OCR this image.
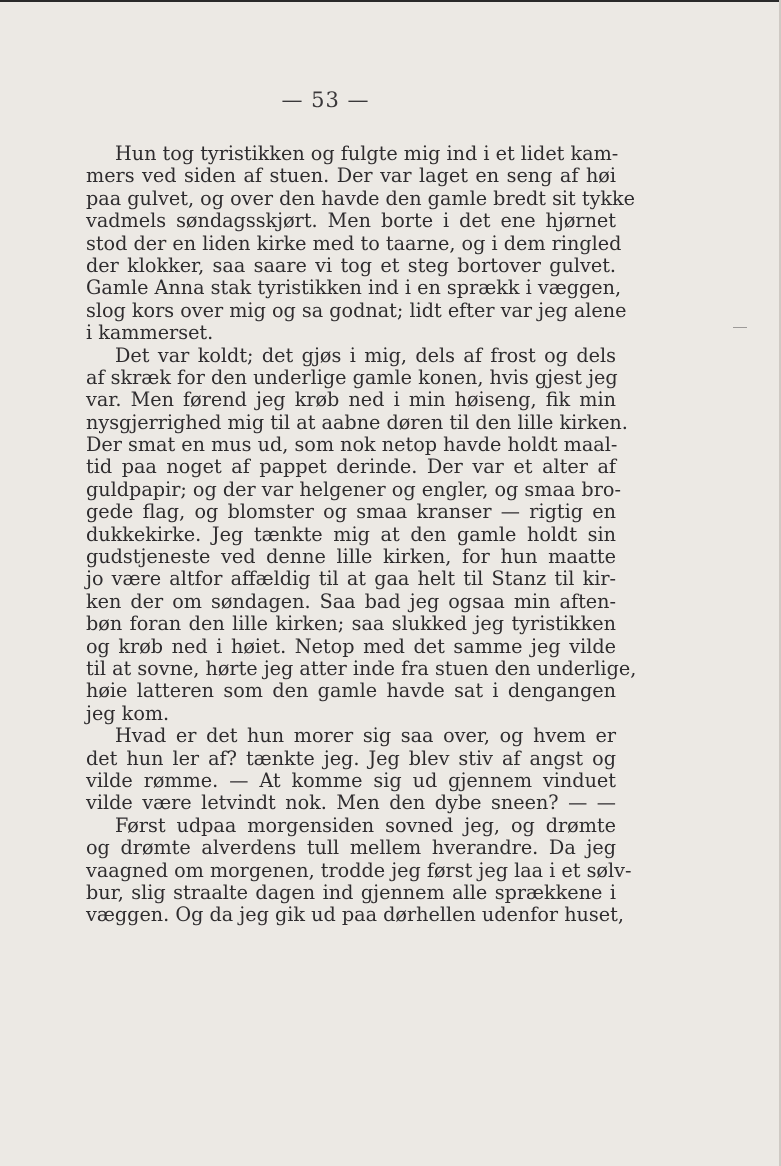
— 53 —
Hun tog tyristikken og fulgte mig ind i et lidet kam-
mers ved siden af stuen. Der var laget en seng af høi
paa gulvet, og over den havde den gamle bredt sit tykke
vadmels søndagsskjørt. Men borte i det ene hjørnet
stod der en liden kirke med to taarne, og i dem ringled
der klokker, saa saare vi tog et steg bortover gulvet.
Gamle Anna stak tyristikken ind i en sprækk i væggen,
slog kors over mig og sa godnat; lidt efter var jeg alene
i kammerset.
Det var koldt; det gjøs i mig, dels af frost og dels
af skræk for den underlige gamle konen, hvis gjest jeg
var. Men førend jeg krøb ned i min høiseng, fik min
nysgjerrighed mig til at aabne døren til den lille kirken.
Der smat en mus ud, som nok netop havde holdt maal-
tid paa noget af pappet derinde. Der var et alter af
guldpapir; og der var helgener og engler, og smaa bro-
gede flag, og blomster og smaa kranser — rigtig en
dukkekirke. Jeg tænkte mig at den gamle holdt sin
gudstjeneste ved denne lille kirken, for hun maatte
jo være altfor affældig til at gaa helt til Stanz til kir-
ken der om søndagen. Saa bad jeg ogsaa min aften-
bøn foran den lille kirken; saa slukked jeg tyristikken
og krøb ned i høiet. Netop med det samme jeg vilde
til at sovne, hørte jeg atter inde fra stuen den underlige,
høie latteren som den gamle havde sat i dengangen
jeg kom.
Hvad er det hun morer sig saa over, og hvem er
det hun ler af? tænkte jeg. Jeg blev stiv af angst og
vilde rømme. — At komme sig ud gjennem vinduet
vilde være letvindt nok. Men den dybe sneen? — —
Først udpaa morgensiden sovned jeg, og drømte
og drømte alverdens tull mellem hverandre. Da jeg
vaagned om morgenen, trodde jeg først jeg laa i et sølv-
bur, slig straalte dagen ind gjennem alle sprækkene i
væggen. Og da jeg gik ud paa dørhellen udenfor huset,
